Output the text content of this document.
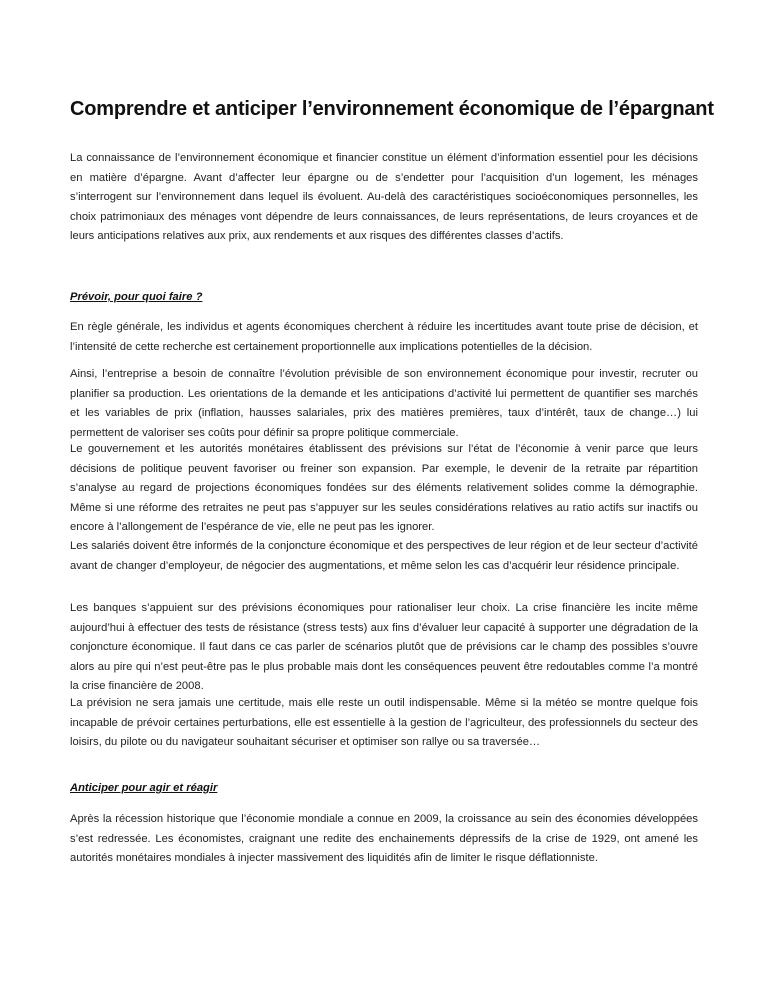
Comprendre et anticiper l’environnement économique de l’épargnant

La connaissance de l’environnement économique et financier constitue un élément d’information essentiel pour les décisions en matière d’épargne. Avant d’affecter leur épargne ou de s’endetter pour l’acquisition d’un logement, les ménages s’interrogent sur l’environnement dans lequel ils évoluent. Au-delà des caractéristiques socioéconomiques personnelles, les choix patrimoniaux des ménages vont dépendre de leurs connaissances, de leurs représentations, de leurs croyances et de leurs anticipations relatives aux prix, aux rendements et aux risques des différentes classes d’actifs.

Prévoir, pour quoi faire ?

En règle générale, les individus et agents économiques cherchent à réduire les incertitudes avant toute prise de décision, et l’intensité de cette recherche est certainement proportionnelle aux implications potentielles de la décision.

Ainsi, l’entreprise a besoin de connaître l’évolution prévisible de son environnement économique pour investir, recruter ou planifier sa production. Les orientations de la demande et les anticipations d’activité lui permettent de quantifier ses marchés et les variables de prix (inflation, hausses salariales, prix des matières premières, taux d’intérêt, taux de change…) lui permettent de valoriser ses coûts pour définir sa propre politique commerciale.

Le gouvernement et les autorités monétaires établissent des prévisions sur l’état de l’économie à venir parce que leurs décisions de politique peuvent favoriser ou freiner son expansion. Par exemple, le devenir de la retraite par répartition s’analyse au regard de projections économiques fondées sur des éléments relativement solides comme la démographie. Même si une réforme des retraites ne peut pas s’appuyer sur les seules considérations relatives au ratio actifs sur inactifs ou encore à l’allongement de l’espérance de vie, elle ne peut pas les ignorer.

Les salariés doivent être informés de la conjoncture économique et des perspectives de leur région et de leur secteur d’activité avant de changer d’employeur, de négocier des augmentations, et même selon les cas d’acquérir leur résidence principale.

Les banques s’appuient sur des prévisions économiques pour rationaliser leur choix. La crise financière les incite même aujourd’hui à effectuer des tests de résistance (stress tests) aux fins d’évaluer leur capacité à supporter une dégradation de la conjoncture économique. Il faut dans ce cas parler de scénarios plutôt que de prévisions car le champ des possibles s’ouvre alors au pire qui n’est peut-être pas le plus probable mais dont les conséquences peuvent être redoutables comme l’a montré la crise financière de 2008.

La prévision ne sera jamais une certitude, mais elle reste un outil indispensable. Même si la météo se montre quelque fois incapable de prévoir certaines perturbations, elle est essentielle à la gestion de l’agriculteur, des professionnels du secteur des loisirs, du pilote ou du navigateur souhaitant sécuriser et optimiser son rallye ou sa traversée…

Anticiper pour agir et réagir

Après la récession historique que l’économie mondiale a connue en 2009, la croissance au sein des économies développées s’est redressée. Les économistes, craignant une redite des enchainements dépressifs de la crise de 1929, ont amené les autorités monétaires mondiales à injecter massivement des liquidités afin de limiter le risque déflationniste.
